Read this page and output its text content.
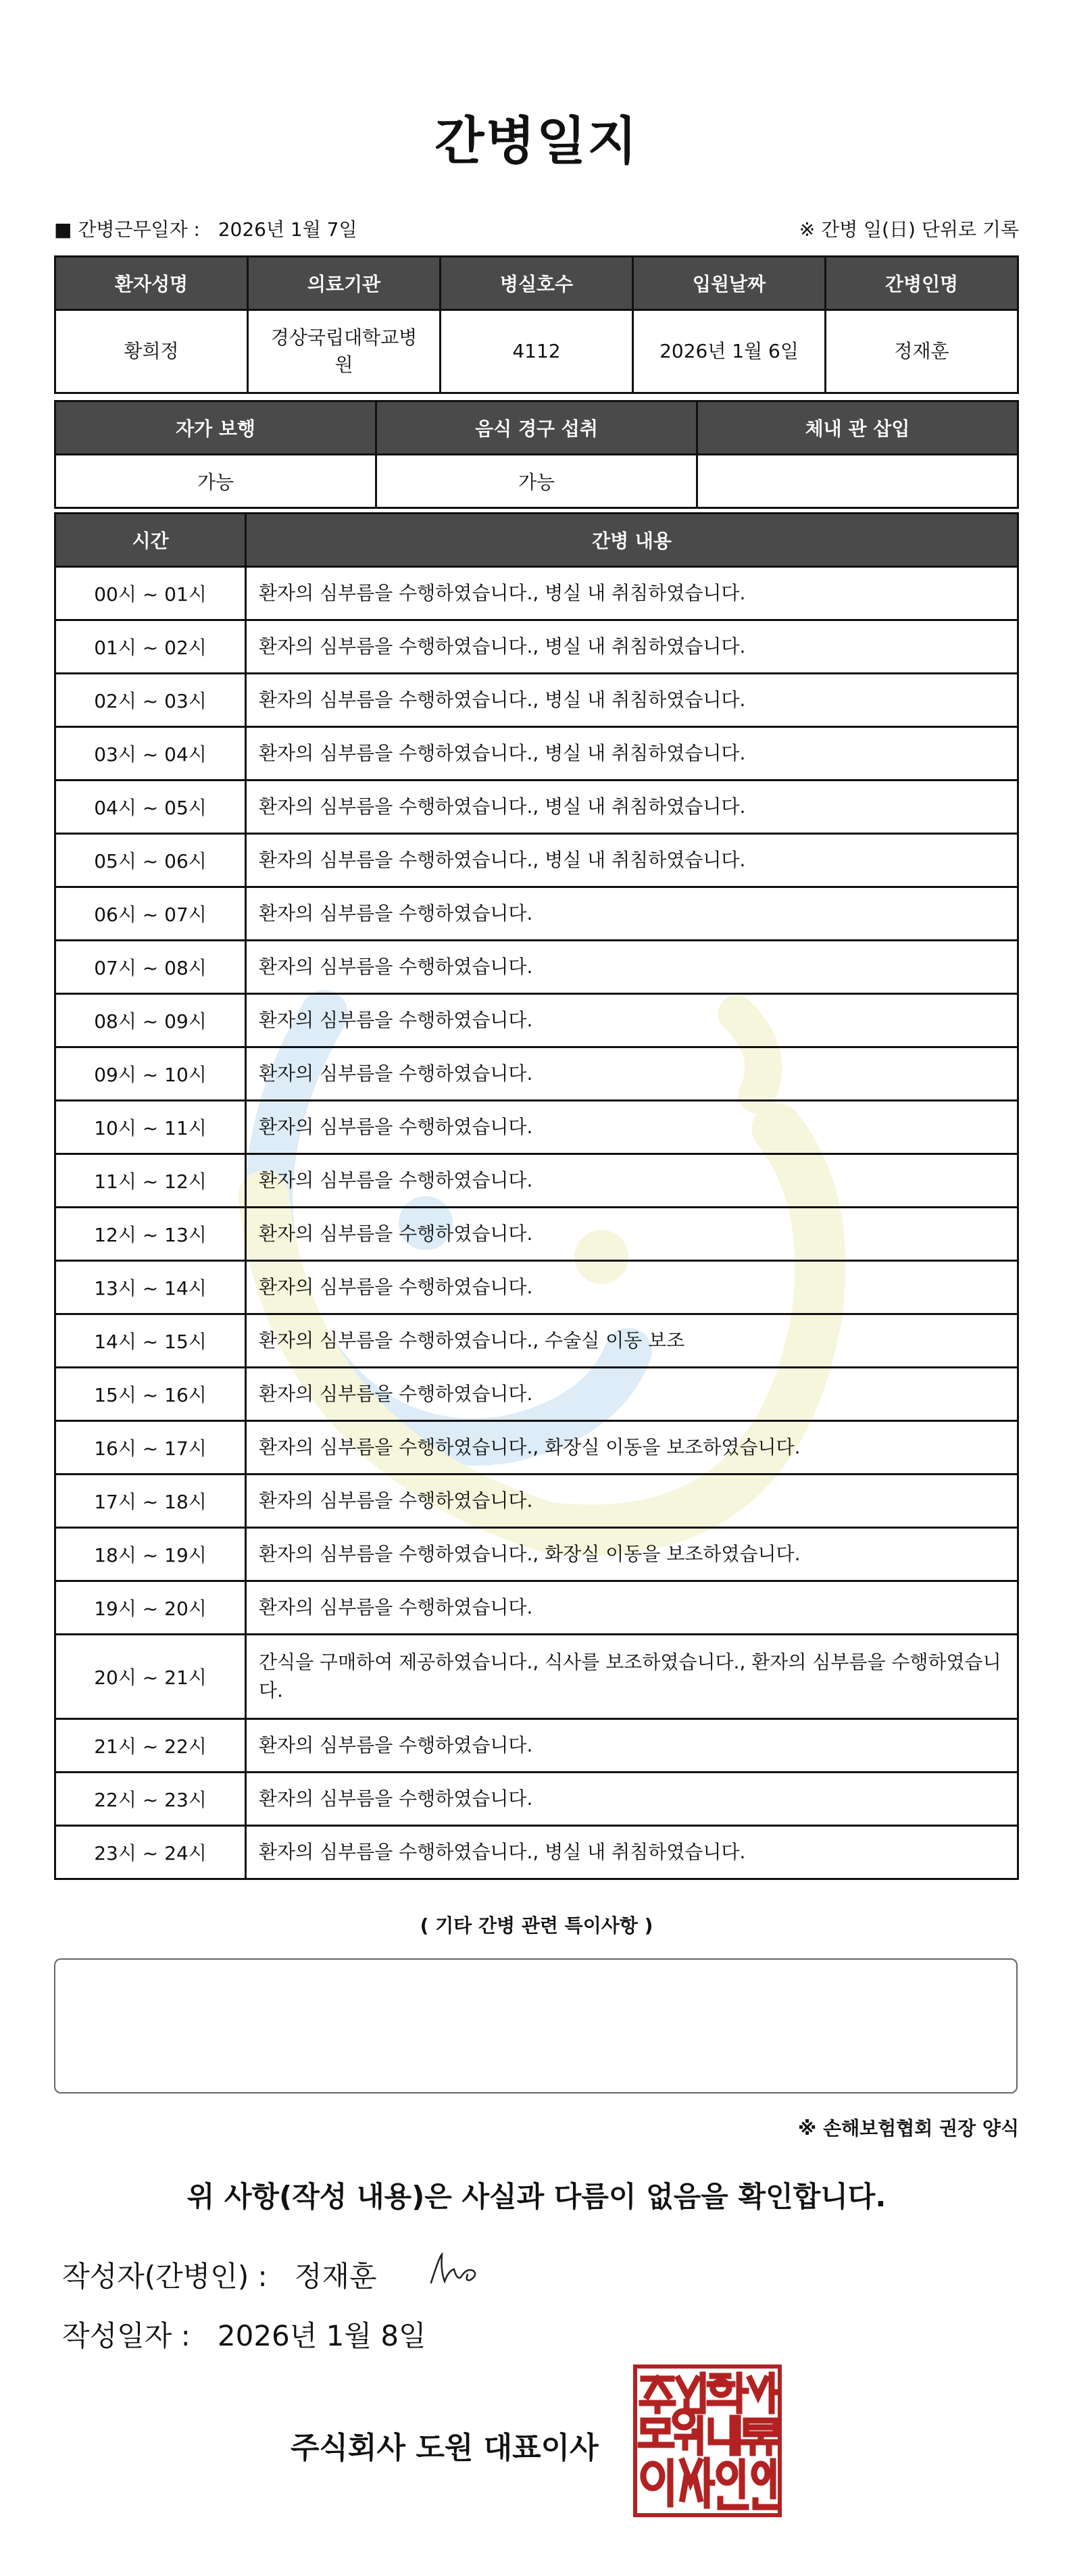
간병일지
■ 간병근무일자 : 2026년 1월 7일	※ 간병 일(日) 단위로 기록
환자성명	의료기관	병실호수	입원날짜	간병인명
황희정	경상국립대학교병원	4112	2026년 1월 6일	정재훈
자가 보행	음식 경구 섭취	체내 관 삽입
가능	가능	
시간	간병 내용
00시 ~ 01시	환자의 심부름을 수행하였습니다., 병실 내 취침하였습니다.
01시 ~ 02시	환자의 심부름을 수행하였습니다., 병실 내 취침하였습니다.
02시 ~ 03시	환자의 심부름을 수행하였습니다., 병실 내 취침하였습니다.
03시 ~ 04시	환자의 심부름을 수행하였습니다., 병실 내 취침하였습니다.
04시 ~ 05시	환자의 심부름을 수행하였습니다., 병실 내 취침하였습니다.
05시 ~ 06시	환자의 심부름을 수행하였습니다., 병실 내 취침하였습니다.
06시 ~ 07시	환자의 심부름을 수행하였습니다.
07시 ~ 08시	환자의 심부름을 수행하였습니다.
08시 ~ 09시	환자의 심부름을 수행하였습니다.
09시 ~ 10시	환자의 심부름을 수행하였습니다.
10시 ~ 11시	환자의 심부름을 수행하였습니다.
11시 ~ 12시	환자의 심부름을 수행하였습니다.
12시 ~ 13시	환자의 심부름을 수행하였습니다.
13시 ~ 14시	환자의 심부름을 수행하였습니다.
14시 ~ 15시	환자의 심부름을 수행하였습니다., 수술실 이동 보조
15시 ~ 16시	환자의 심부름을 수행하였습니다.
16시 ~ 17시	환자의 심부름을 수행하였습니다., 화장실 이동을 보조하였습니다.
17시 ~ 18시	환자의 심부름을 수행하였습니다.
18시 ~ 19시	환자의 심부름을 수행하였습니다., 화장실 이동을 보조하였습니다.
19시 ~ 20시	환자의 심부름을 수행하였습니다.
20시 ~ 21시	간식을 구매하여 제공하였습니다., 식사를 보조하였습니다., 환자의 심부름을 수행하였습니다.
21시 ~ 22시	환자의 심부름을 수행하였습니다.
22시 ~ 23시	환자의 심부름을 수행하였습니다.
23시 ~ 24시	환자의 심부름을 수행하였습니다., 병실 내 취침하였습니다.
( 기타 간병 관련 특이사항 )
※ 손해보험협회 권장 양식
위 사항(작성 내용)은 사실과 다름이 없음을 확인합니다.
작성자(간병인) : 정재훈
작성일자 : 2026년 1월 8일
주식회사 도원 대표이사
